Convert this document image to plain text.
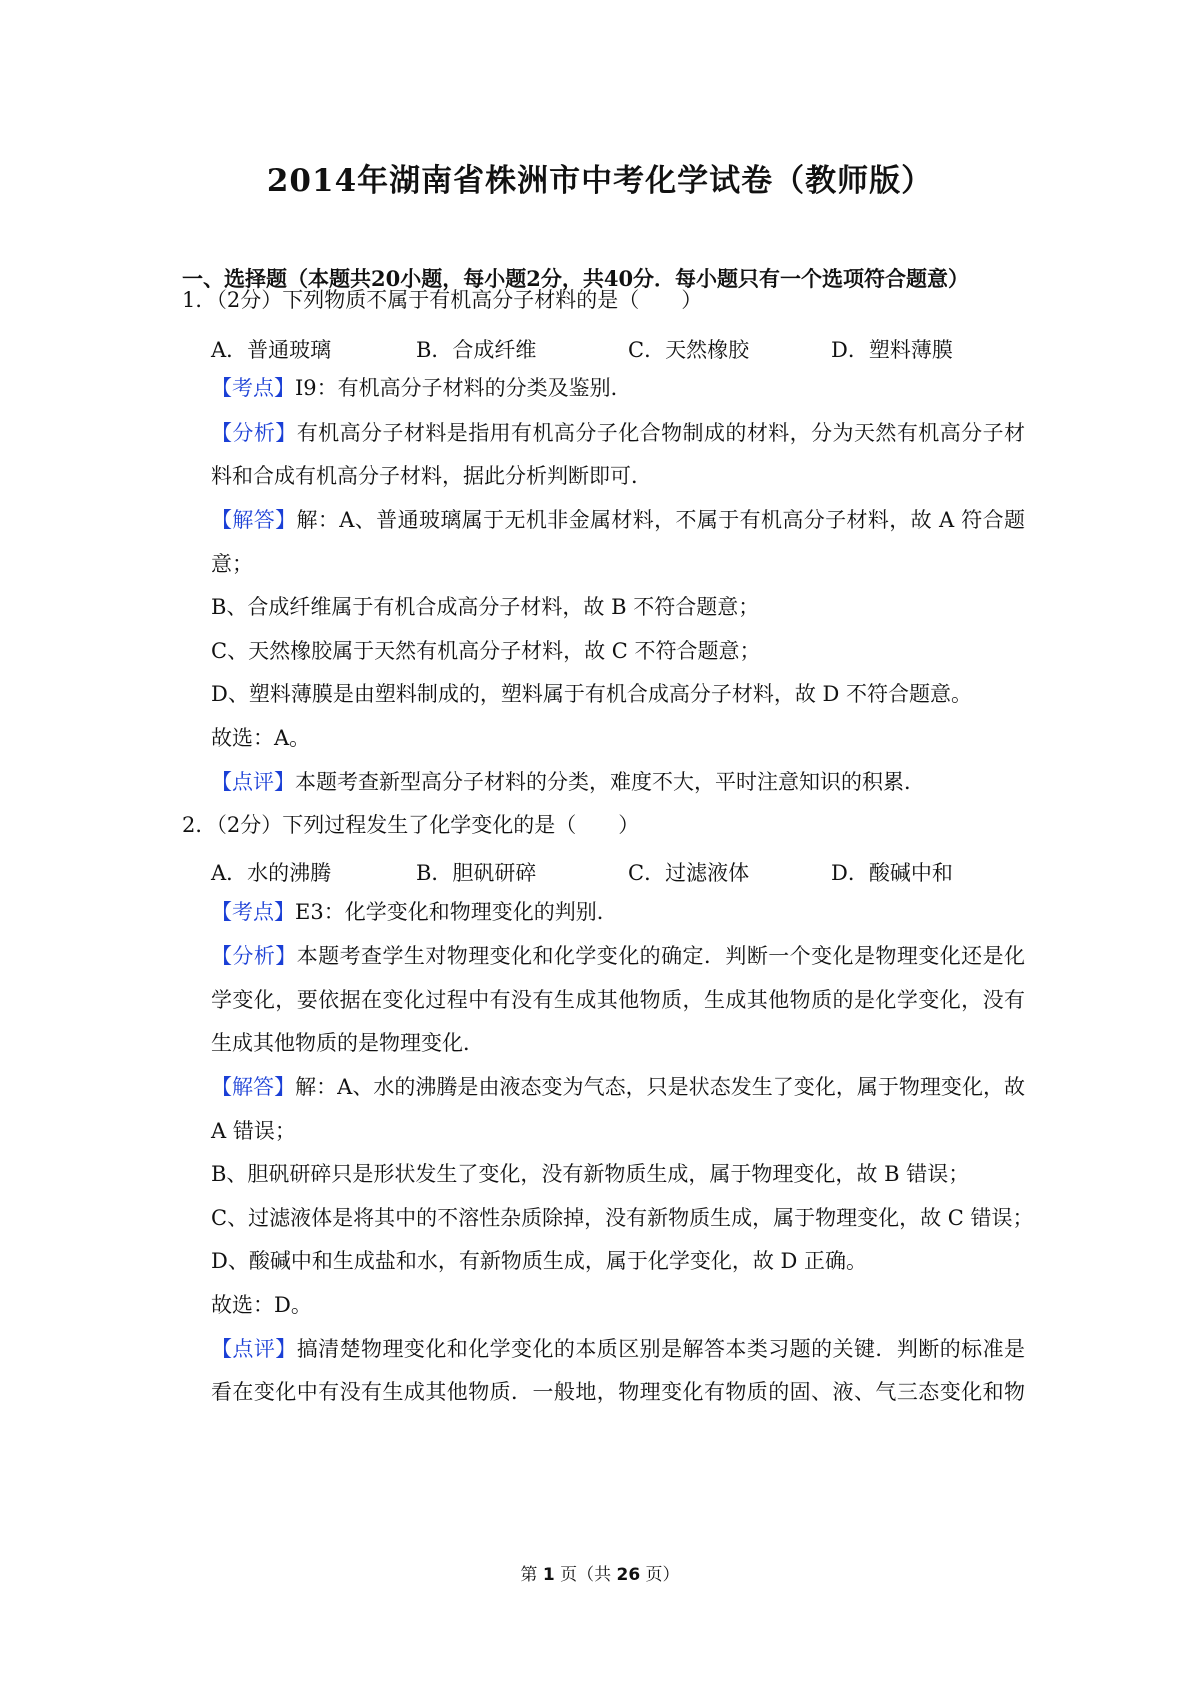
2014年湖南省株洲市中考化学试卷（教师版）
一、选择题（本题共20小题，每小题2分，共40分．每小题只有一个选项符合题意）
1．（2分）下列物质不属于有机高分子材料的是（　　）
A．普通玻璃	B．合成纤维	C．天然橡胶	D．塑料薄膜
【考点】I9：有机高分子材料的分类及鉴别．
【分析】有机高分子材料是指用有机高分子化合物制成的材料，分为天然有机高分子材
料和合成有机高分子材料，据此分析判断即可．
【解答】解：A、普通玻璃属于无机非金属材料，不属于有机高分子材料，故 A 符合题
意；
B、合成纤维属于有机合成高分子材料，故 B 不符合题意；
C、天然橡胶属于天然有机高分子材料，故 C 不符合题意；
D、塑料薄膜是由塑料制成的，塑料属于有机合成高分子材料，故 D 不符合题意。
故选：A。
【点评】本题考查新型高分子材料的分类，难度不大，平时注意知识的积累．
2．（2分）下列过程发生了化学变化的是（　　）
A．水的沸腾	B．胆矾研碎	C．过滤液体	D．酸碱中和
【考点】E3：化学变化和物理变化的判别．
【分析】本题考查学生对物理变化和化学变化的确定．判断一个变化是物理变化还是化
学变化，要依据在变化过程中有没有生成其他物质，生成其他物质的是化学变化，没有
生成其他物质的是物理变化．
【解答】解：A、水的沸腾是由液态变为气态，只是状态发生了变化，属于物理变化，故
A 错误；
B、胆矾研碎只是形状发生了变化，没有新物质生成，属于物理变化，故 B 错误；
C、过滤液体是将其中的不溶性杂质除掉，没有新物质生成，属于物理变化，故 C 错误；
D、酸碱中和生成盐和水，有新物质生成，属于化学变化，故 D 正确。
故选：D。
【点评】搞清楚物理变化和化学变化的本质区别是解答本类习题的关键．判断的标准是
看在变化中有没有生成其他物质．一般地，物理变化有物质的固、液、气三态变化和物
第 1 页（共 26 页）
